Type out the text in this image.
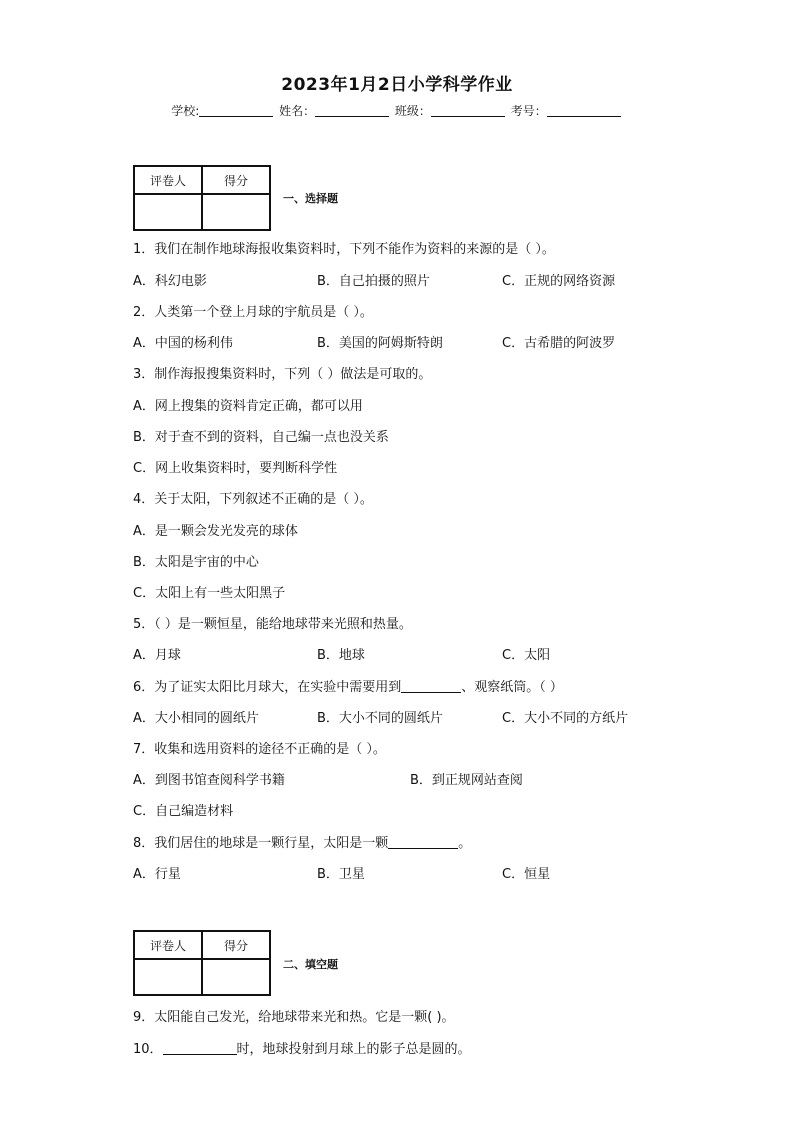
2023年1月2日小学科学作业
学校:	姓名：	班级：	考号：
评卷人	得分

一、选择题
1．我们在制作地球海报收集资料时，下列不能作为资料的来源的是（ ）。
A．科幻电影	B．自己拍摄的照片	C．正规的网络资源
2．人类第一个登上月球的宇航员是（ ）。
A．中国的杨利伟	B．美国的阿姆斯特朗	C．古希腊的阿波罗
3．制作海报搜集资料时，下列（ ）做法是可取的。
A．网上搜集的资料肯定正确，都可以用
B．对于查不到的资料，自己编一点也没关系
C．网上收集资料时，要判断科学性
4．关于太阳，下列叙述不正确的是（ ）。
A．是一颗会发光发亮的球体
B．太阳是宇宙的中心
C．太阳上有一些太阳黑子
5．（ ）是一颗恒星，能给地球带来光照和热量。
A．月球	B．地球	C．太阳
6．为了证实太阳比月球大，在实验中需要用到	、观察纸筒。（ ）
A．大小相同的圆纸片	B．大小不同的圆纸片	C．大小不同的方纸片
7．收集和选用资料的途径不正确的是（ ）。
A．到图书馆查阅科学书籍	B．到正规网站查阅
C．自己编造材料
8．我们居住的地球是一颗行星，太阳是一颗	。
A．行星	B．卫星	C．恒星
评卷人	得分

二、填空题
9．太阳能自己发光，给地球带来光和热。它是一颗( )。
10．	时，地球投射到月球上的影子总是圆的。
